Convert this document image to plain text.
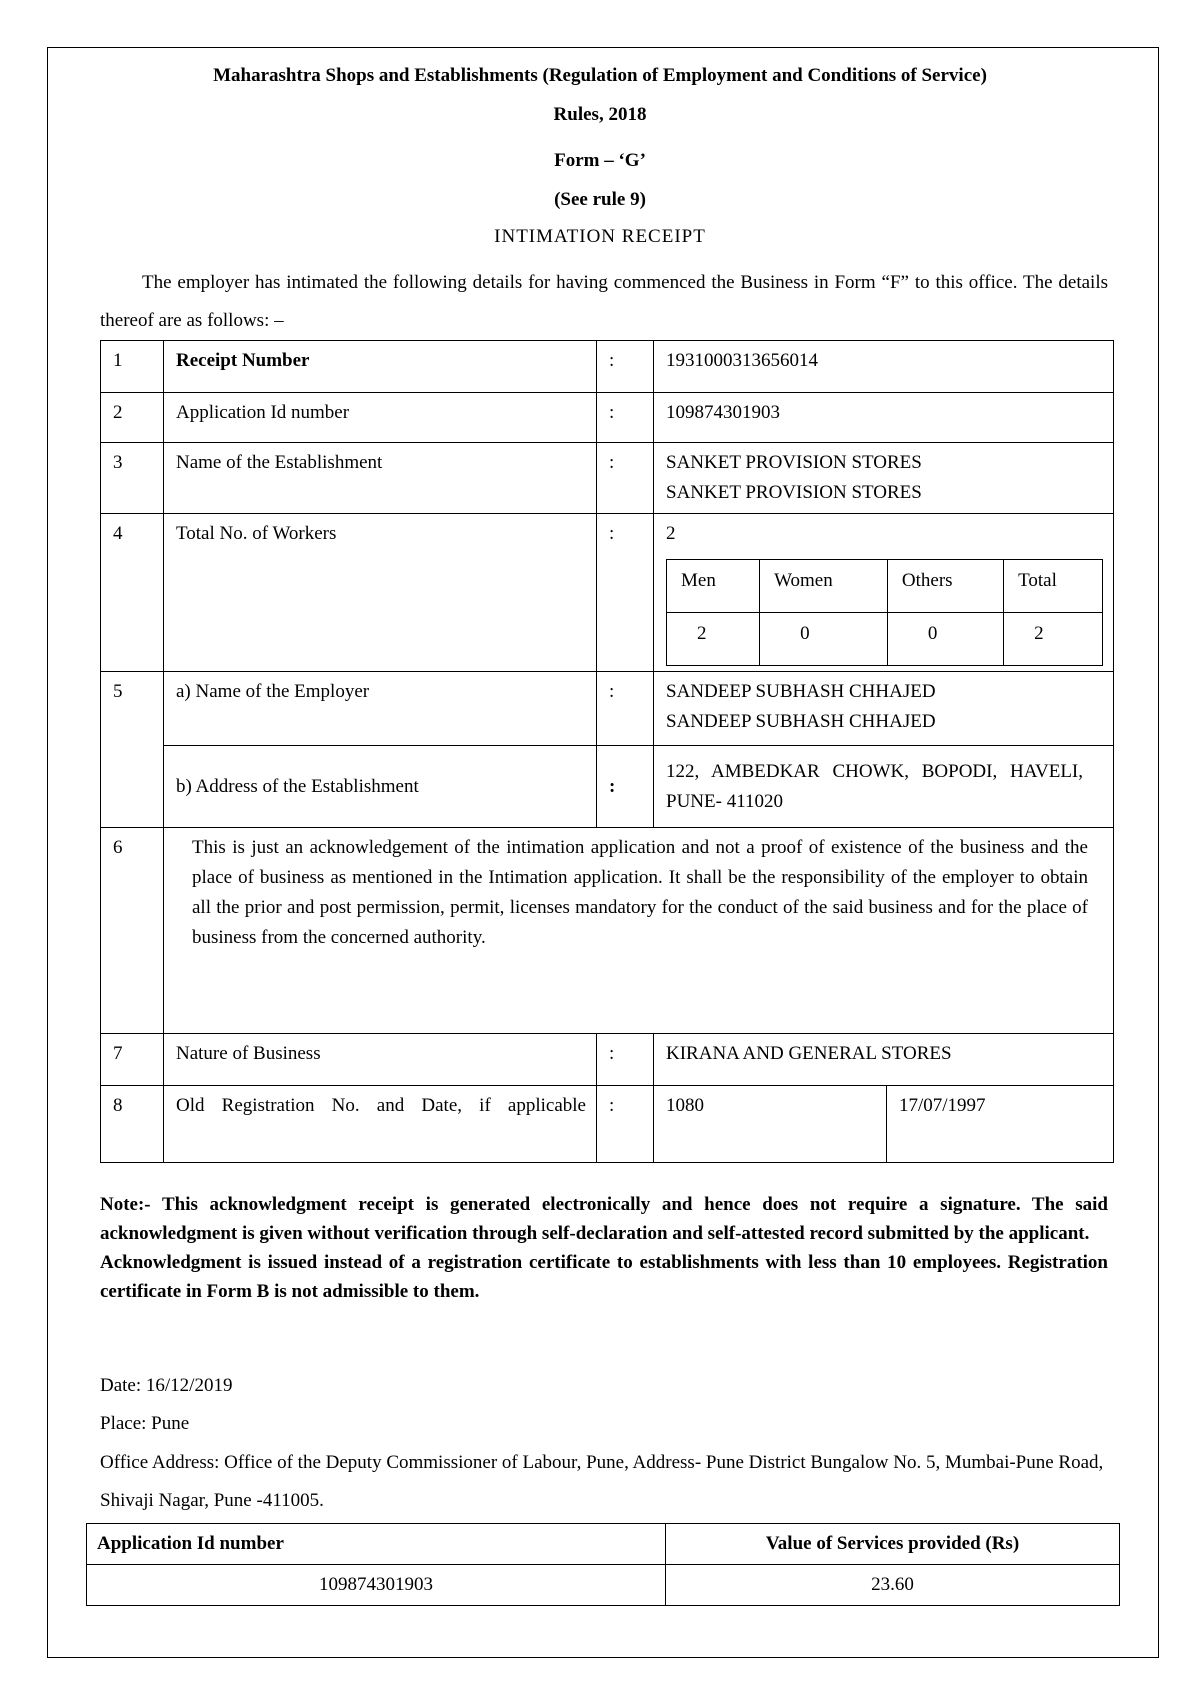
Maharashtra Shops and Establishments (Regulation of Employment and Conditions of Service)
Rules, 2018
Form – ‘G’
(See rule 9)
INTIMATION RECEIPT
The employer has intimated the following details for having commenced the Business in Form “F” to this office. The details thereof are as follows: –
1	Receipt Number	:	1931000313656014
2	Application Id number	:	109874301903
3	Name of the Establishment	:	SANKET PROVISION STORES
SANKET PROVISION STORES

4	Total No. of Workers	:	2
Men	Women	Others	Total
2	0	0	2

5	a) Name of the Employer	:	SANDEEP SUBHASH CHHAJED
SANDEEP SUBHASH CHHAJED

b) Address of the Establishment	:	122, AMBEDKAR CHOWK, BOPODI, HAVELI, PUNE- 411020
6	This is just an acknowledgement of the intimation application and not a proof of existence of the business and the place of business as mentioned in the Intimation application. It shall be the responsibility of the employer to obtain all the prior and post permission, permit, licenses mandatory for the conduct of the said business and for the place of business from the concerned authority.
7	Nature of Business	:	KIRANA AND GENERAL STORES
8	Old Registration No. and Date, if applicable	:	1080	17/07/1997
Note:- This acknowledgment receipt is generated electronically and hence does not require a signature. The said acknowledgment is given without verification through self-declaration and self-attested record submitted by the applicant.
Acknowledgment is issued instead of a registration certificate to establishments with less than 10 employees. Registration certificate in Form B is not admissible to them.
Date: 16/12/2019
Place: Pune
Office Address: Office of the Deputy Commissioner of Labour, Pune, Address- Pune District Bungalow No. 5, Mumbai-Pune Road, Shivaji Nagar, Pune -411005.
Application Id number	Value of Services provided (Rs)
109874301903	23.60
